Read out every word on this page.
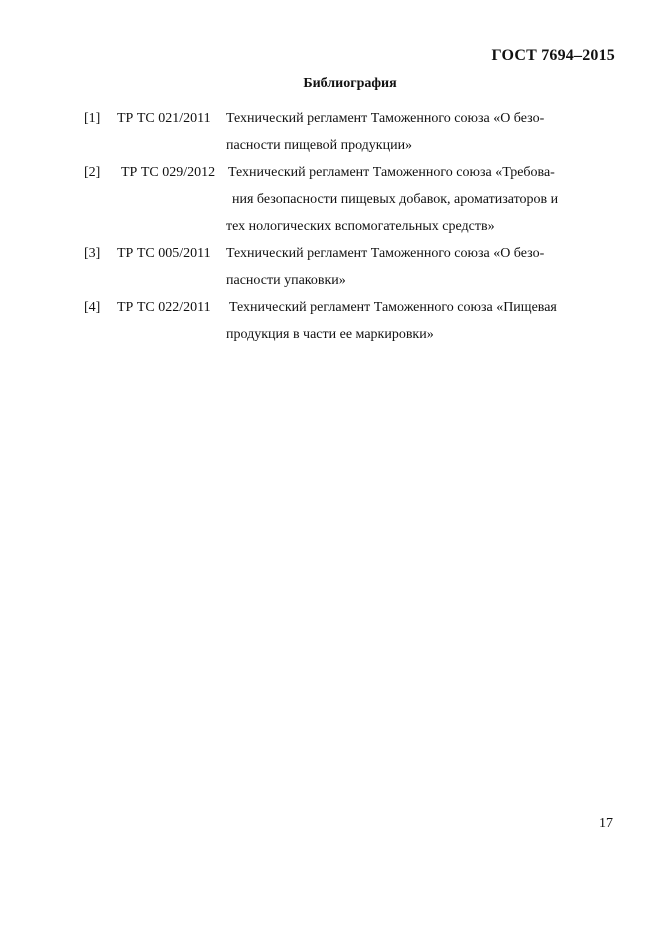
ГОСТ 7694–2015
Библиография
[1] ТР ТС 021/2011 Технический регламент Таможенного союза «О безо-
пасности пищевой продукции»
[2] ТР ТС 029/2012 Технический регламент Таможенного союза «Требова-
ния безопасности пищевых добавок, ароматизаторов и
тех нологических вспомогательных средств»
[3] ТР ТС 005/2011 Технический регламент Таможенного союза «О безо-
пасности упаковки»
[4] ТР ТС 022/2011 Технический регламент Таможенного союза «Пищевая
продукция в части ее маркировки»
17
